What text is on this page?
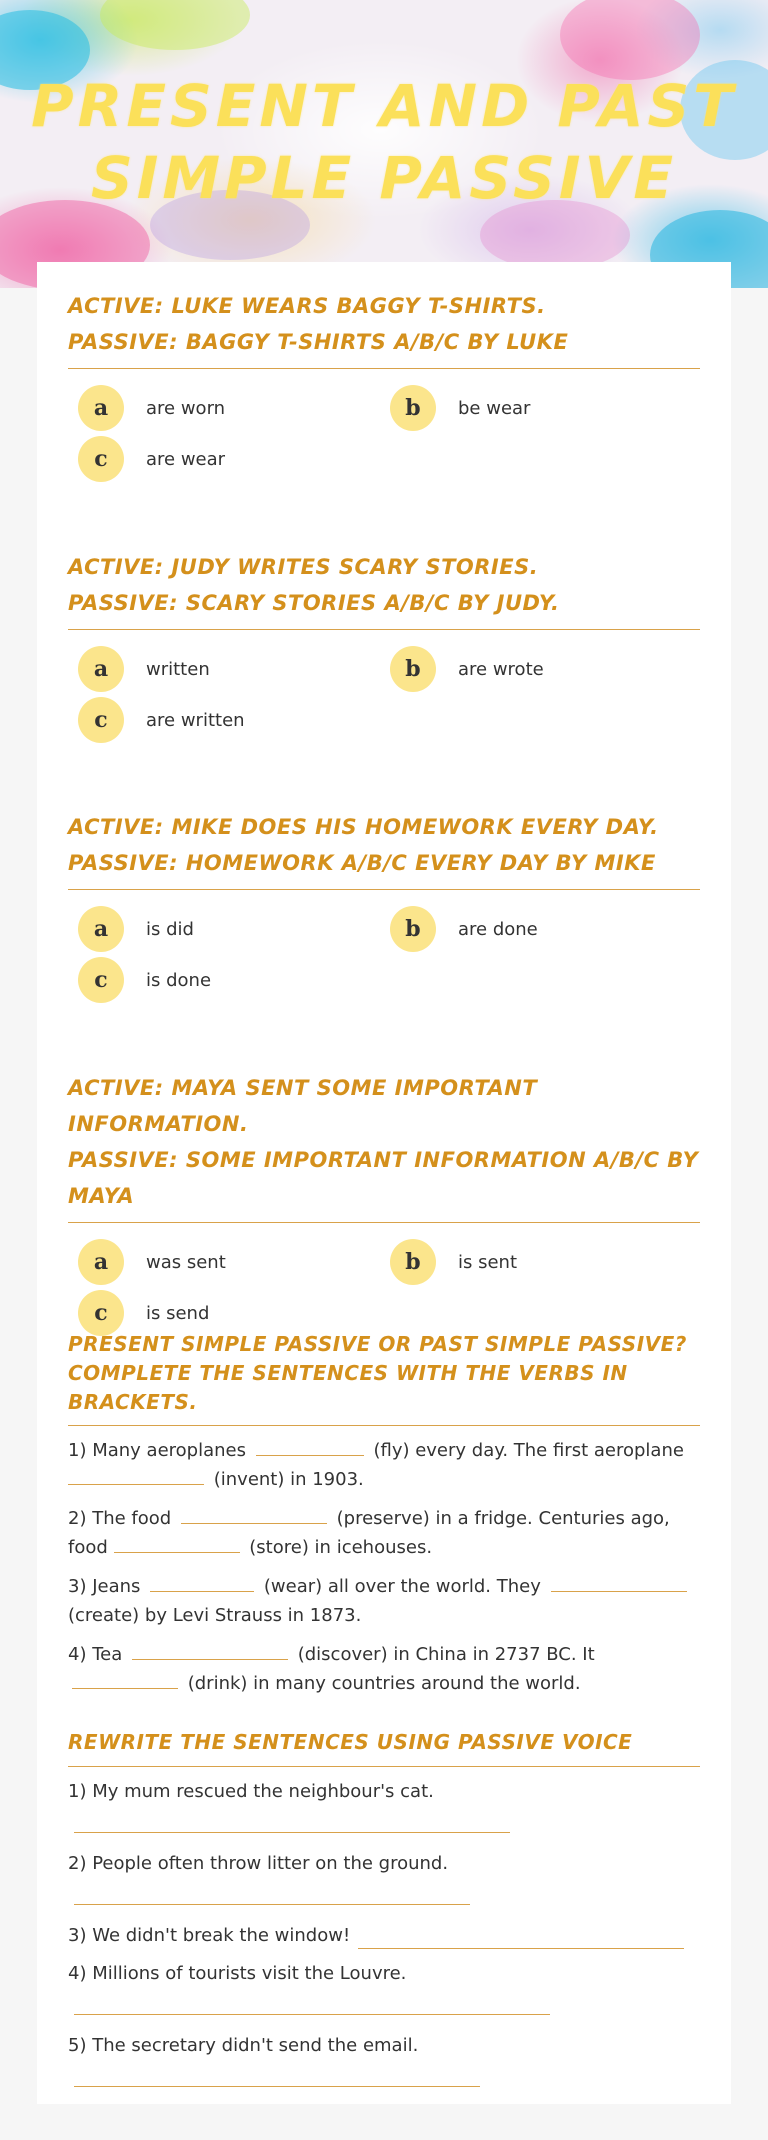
PRESENT AND PAST
SIMPLE PASSIVE
ACTIVE: LUKE WEARS BAGGY T-SHIRTS.
PASSIVE: BAGGY T-SHIRTS A/B/C BY LUKE
a	are worn	b	be wear
c	are wear
ACTIVE: JUDY WRITES SCARY STORIES.
PASSIVE: SCARY STORIES A/B/C BY JUDY.
a	written	b	are wrote
c	are written
ACTIVE: MIKE DOES HIS HOMEWORK EVERY DAY.
PASSIVE: HOMEWORK A/B/C EVERY DAY BY MIKE
a	is did	b	are done
c	is done
ACTIVE: MAYA SENT SOME IMPORTANT INFORMATION.
PASSIVE: SOME IMPORTANT INFORMATION A/B/C BY MAYA
a	was sent	b	is sent
c	is send
PRESENT SIMPLE PASSIVE OR PAST SIMPLE PASSIVE?
COMPLETE THE SENTENCES WITH THE VERBS IN BRACKETS.

1) Many aeroplanes	(fly) every day. The first aeroplane  (invent) in 1903.

2) The food	(preserve) in a fridge. Centuries ago, food	(store) in icehouses.

3) Jeans	(wear) all over the world. They  (create) by Levi Strauss in 1873.

4) Tea	(discover) in China in 2737 BC. It  (drink) in many countries around the world.

REWRITE THE SENTENCES USING PASSIVE VOICE
1) My mum rescued the neighbour's cat.
2) People often throw litter on the ground.
3) We didn't break the window!
4) Millions of tourists visit the Louvre.
5) The secretary didn't send the email.
